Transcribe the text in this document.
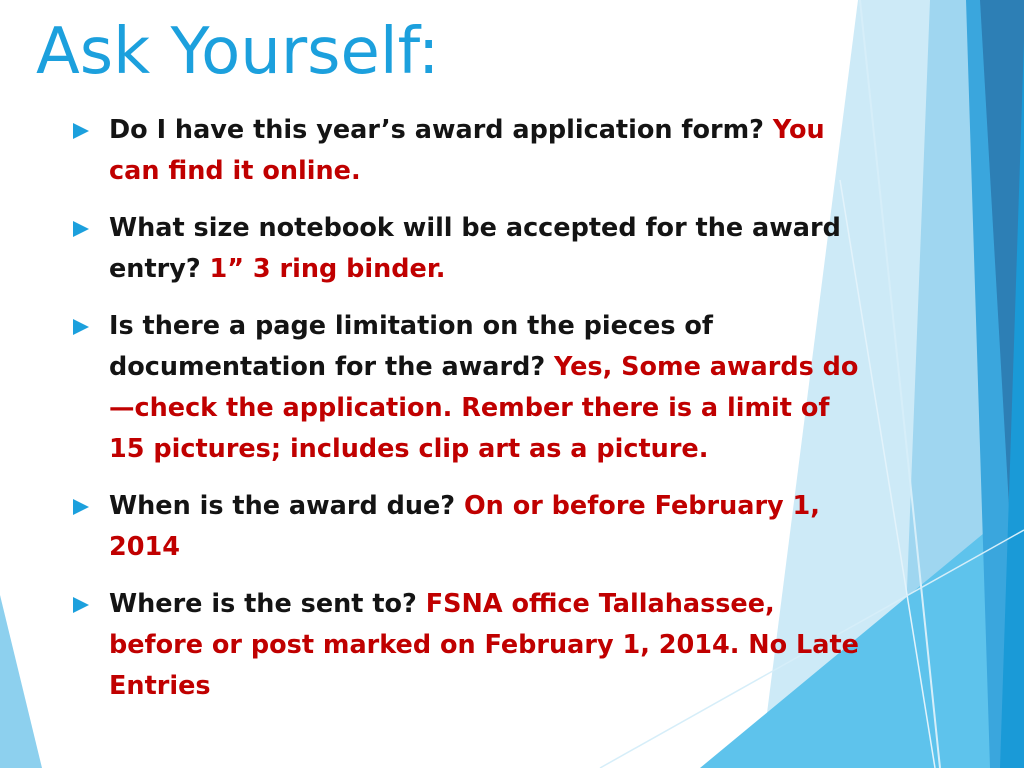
Ask Yourself:
Do I have this year’s award application form? You can find it online.
What size notebook will be accepted for the award entry? 1” 3 ring binder.
Is there a page limitation on the pieces of documentation for the award? Yes, Some awards do—check the application. Rember there is a limit of 15 pictures; includes clip art as a picture.
When is the award due? On or before February 1, 2014
Where is the sent to? FSNA office Tallahassee, before or post marked on February 1, 2014. No Late Entries
